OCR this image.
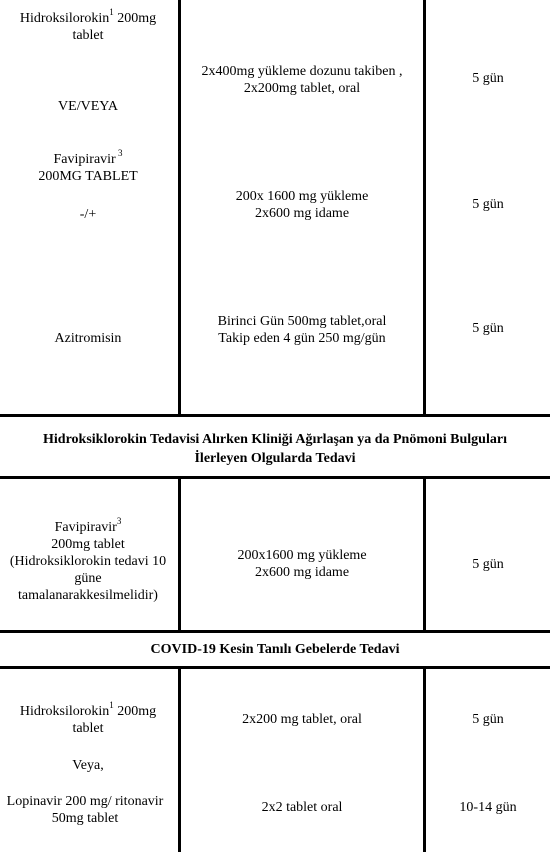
Hidroksilorokin$^1$ 200mg
tablet
VE/VEYA
Favipiravir $^3$
200MG TABLET
-/+
Azitromisin
2x400mg yükleme dozunu takiben ,
2x200mg tablet, oral
200x 1600 mg yükleme
2x600 mg idame
Birinci Gün 500mg tablet,oral
Takip eden 4 gün 250 mg/gün
5 gün
5 gün
5 gün
Hidroksiklorokin Tedavisi Alırken Kliniği Ağırlaşan ya da Pnömoni Bulguları
İlerleyen Olgularda Tedavi
Favipiravir$^3$
200mg tablet
(Hidroksiklorokin tedavi 10
güne
tamalanarakkesilmelidir)
200x1600 mg yükleme
2x600 mg idame
5 gün
COVID-19 Kesin Tanılı Gebelerde Tedavi
Hidroksilorokin$^1$ 200mg
tablet
Veya,
Lopinavir 200 mg/ ritonavir
50mg tablet
2x200 mg tablet, oral
2x2 tablet oral
5 gün
10-14 gün
